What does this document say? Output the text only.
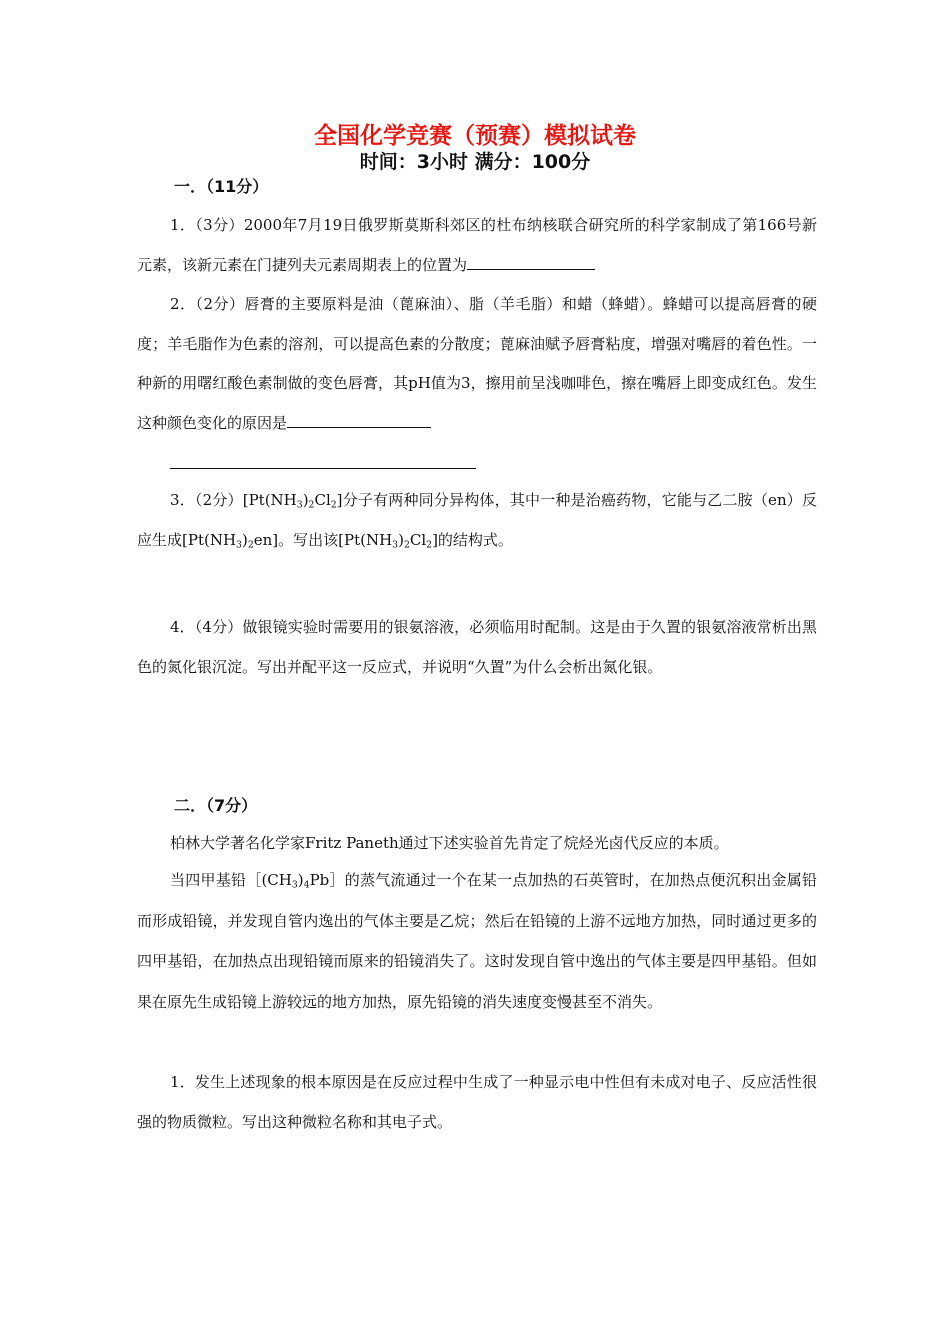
全国化学竞赛（预赛）模拟试卷
时间：3小时 满分：100分
一．（11分）

1．（3分）2000年7月19日俄罗斯莫斯科郊区的杜布纳核联合研究所的科学家制成了第166号新元素，该新元素在门捷列夫元素周期表上的位置为

2．（2分）唇膏的主要原料是油（蓖麻油）、脂（羊毛脂）和蜡（蜂蜡）。蜂蜡可以提高唇膏的硬度；羊毛脂作为色素的溶剂，可以提高色素的分散度；蓖麻油赋予唇膏粘度，增强对嘴唇的着色性。一种新的用曙红酸色素制做的变色唇膏，其pH值为3，擦用前呈浅咖啡色，擦在嘴唇上即变成红色。发生这种颜色变化的原因是

3．（2分）$[Pt(NH_3)_2Cl_2]$分子有两种同分异构体，其中一种是治癌药物，它能与乙二胺（en）反应生成$[Pt(NH_3)_2en]$。写出该$[Pt(NH_3)_2Cl_2]$的结构式。

4．（4分）做银镜实验时需要用的银氨溶液，必须临用时配制。这是由于久置的银氨溶液常析出黑色的氮化银沉淀。写出并配平这一反应式，并说明“久置”为什么会析出氮化银。

二．（7分）

柏林大学著名化学家Fritz Paneth通过下述实验首先肯定了烷烃光卤代反应的本质。

当四甲基铅$[(CH_3)_4Pb]$的蒸气流通过一个在某一点加热的石英管时，在加热点便沉积出金属铅而形成铅镜，并发现自管内逸出的气体主要是乙烷；然后在铅镜的上游不远地方加热，同时通过更多的四甲基铅，在加热点出现铅镜而原来的铅镜消失了。这时发现自管中逸出的气体主要是四甲基铅。但如果在原先生成铅镜上游较远的地方加热，原先铅镜的消失速度变慢甚至不消失。

1．发生上述现象的根本原因是在反应过程中生成了一种显示电中性但有未成对电子、反应活性很强的物质微粒。写出这种微粒名称和其电子式。
